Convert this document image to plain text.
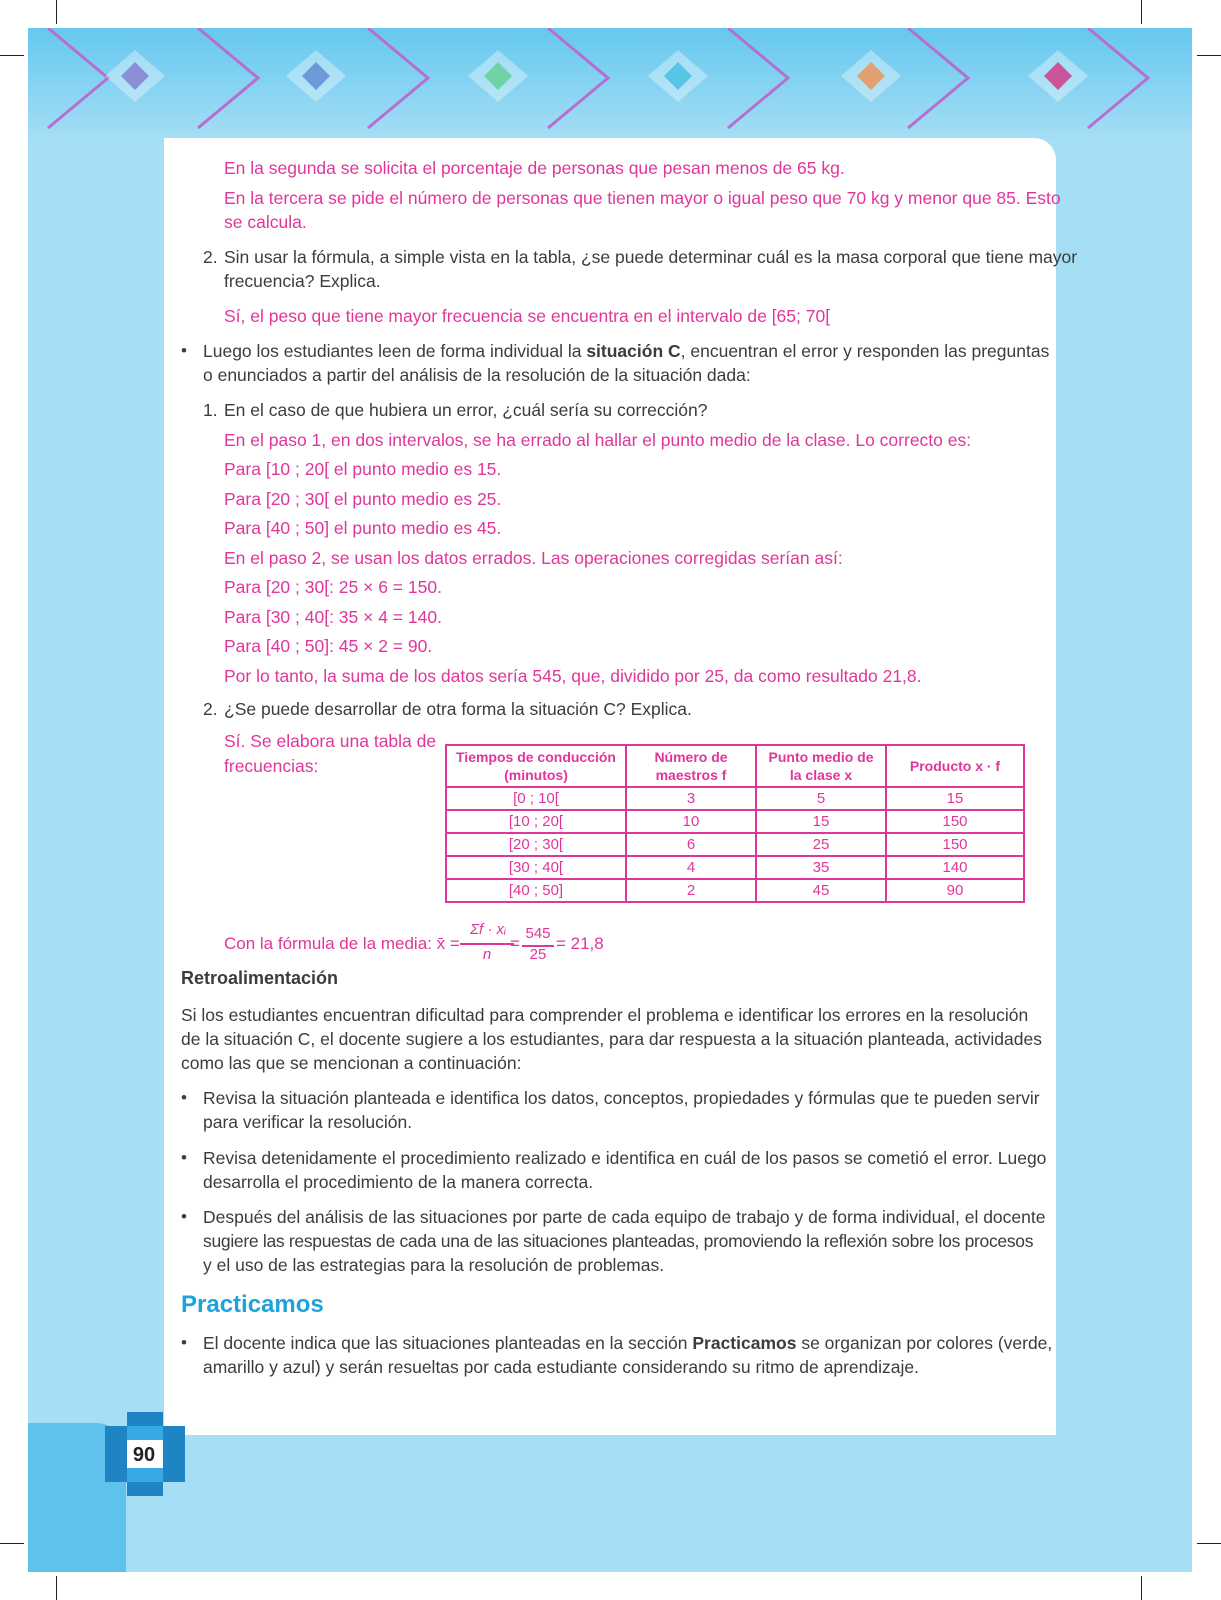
En la segunda se solicita el porcentaje de personas que pesan menos de 65 kg.
En la tercera se pide el número de personas que tienen mayor o igual peso que 70 kg y menor que 85. Esto
se calcula.
2. Sin usar la fórmula, a simple vista en la tabla, ¿se puede determinar cuál es la masa corporal que tiene mayor
frecuencia? Explica.
Sí, el peso que tiene mayor frecuencia se encuentra en el intervalo de [65; 70[
• Luego los estudiantes leen de forma individual la situación C, encuentran el error y responden las preguntas
o enunciados a partir del análisis de la resolución de la situación dada:
1. En el caso de que hubiera un error, ¿cuál sería su corrección?
En el paso 1, en dos intervalos, se ha errado al hallar el punto medio de la clase. Lo correcto es:
Para [10 ; 20[ el punto medio es 15.
Para [20 ; 30[ el punto medio es 25.
Para [40 ; 50] el punto medio es 45.
En el paso 2, se usan los datos errados. Las operaciones corregidas serían así:
Para [20 ; 30[: 25 × 6 = 150.
Para [30 ; 40[: 35 × 4 = 140.
Para [40 ; 50]: 45 × 2 = 90.
Por lo tanto, la suma de los datos sería 545, que, dividido por 25, da como resultado 21,8.
2. ¿Se puede desarrollar de otra forma la situación C? Explica.
Sí. Se elabora una tabla de
frecuencias:	Tiempos de conducción (minutos)	Número de maestros f	Punto medio de la clase x	Producto x · f
[0 ; 10[	3	5	15
[10 ; 20[	10	15	150
[20 ; 30[	6	25	150
[30 ; 40[	4	35	140
[40 ; 50]	2	45	90
Con la fórmula de la media: x̄ =
Σf · xᵢ
n
=
545
25
= 21,8
Retroalimentación
Si los estudiantes encuentran dificultad para comprender el problema e identificar los errores en la resolución
de la situación C, el docente sugiere a los estudiantes, para dar respuesta a la situación planteada, actividades
como las que se mencionan a continuación:
• Revisa la situación planteada e identifica los datos, conceptos, propiedades y fórmulas que te pueden servir
para verificar la resolución.
• Revisa detenidamente el procedimiento realizado e identifica en cuál de los pasos se cometió el error. Luego
desarrolla el procedimiento de la manera correcta.
• Después del análisis de las situaciones por parte de cada equipo de trabajo y de forma individual, el docente
sugiere las respuestas de cada una de las situaciones planteadas, promoviendo la reflexión sobre los procesos
y el uso de las estrategias para la resolución de problemas.
Practicamos
• El docente indica que las situaciones planteadas en la sección Practicamos se organizan por colores (verde,
amarillo y azul) y serán resueltas por cada estudiante considerando su ritmo de aprendizaje.
90
